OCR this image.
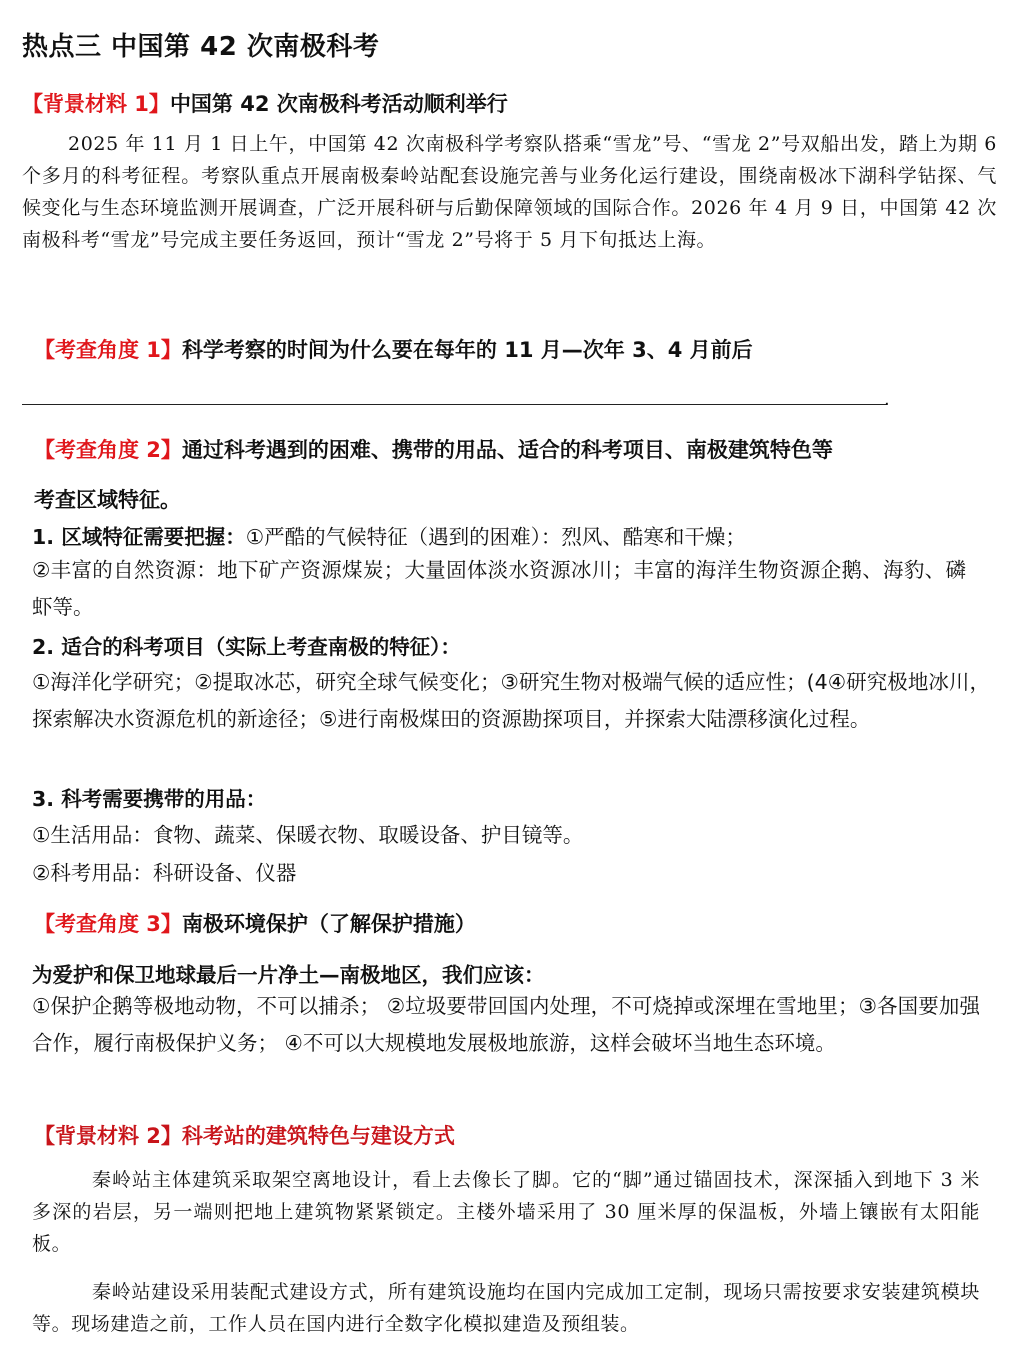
热点三 中国第 42 次南极科考
【背景材料 1】中国第 42 次南极科考活动顺利举行
2025 年 11 月 1 日上午，中国第 42 次南极科学考察队搭乘“雪龙”号、“雪龙 2”号双船出发，踏上为期 6 个多月的科考征程。考察队重点开展南极秦岭站配套设施完善与业务化运行建设，围绕南极冰下湖科学钻探、气候变化与生态环境监测开展调查，广泛开展科研与后勤保障领域的国际合作。2026 年 4 月 9 日，中国第 42 次南极科考“雪龙”号完成主要任务返回，预计“雪龙 2”号将于 5 月下旬抵达上海。
【考查角度 1】科学考察的时间为什么要在每年的 11 月—次年 3、4 月前后
.
【考查角度 2】通过科考遇到的困难、携带的用品、适合的科考项目、南极建筑特色等
考查区域特征。
1. 区域特征需要把握：①严酷的气候特征（遇到的困难）：烈风、酷寒和干燥；
②丰富的自然资源：地下矿产资源煤炭；大量固体淡水资源冰川；丰富的海洋生物资源企鹅、海豹、磷虾等。
2. 适合的科考项目（实际上考查南极的特征）：
①海洋化学研究；②提取冰芯，研究全球气候变化；③研究生物对极端气候的适应性；(4④研究极地冰川，探索解决水资源危机的新途径；⑤进行南极煤田的资源勘探项目，并探索大陆漂移演化过程。
3. 科考需要携带的用品：
①生活用品：食物、蔬菜、保暖衣物、取暖设备、护目镜等。
②科考用品：科研设备、仪器
【考查角度 3】南极环境保护（了解保护措施）
为爱护和保卫地球最后一片净土—南极地区，我们应该：
①保护企鹅等极地动物，不可以捕杀； ②垃圾要带回国内处理，不可烧掉或深埋在雪地里；③各国要加强合作，履行南极保护义务； ④不可以大规模地发展极地旅游，这样会破坏当地生态环境。
【背景材料 2】科考站的建筑特色与建设方式
秦岭站主体建筑采取架空离地设计，看上去像长了脚。它的“脚”通过锚固技术，深深插入到地下 3 米多深的岩层，另一端则把地上建筑物紧紧锁定。主楼外墙采用了 30 厘米厚的保温板，外墙上镶嵌有太阳能板。
秦岭站建设采用装配式建设方式，所有建筑设施均在国内完成加工定制，现场只需按要求安装建筑模块等。现场建造之前，工作人员在国内进行全数字化模拟建造及预组装。
